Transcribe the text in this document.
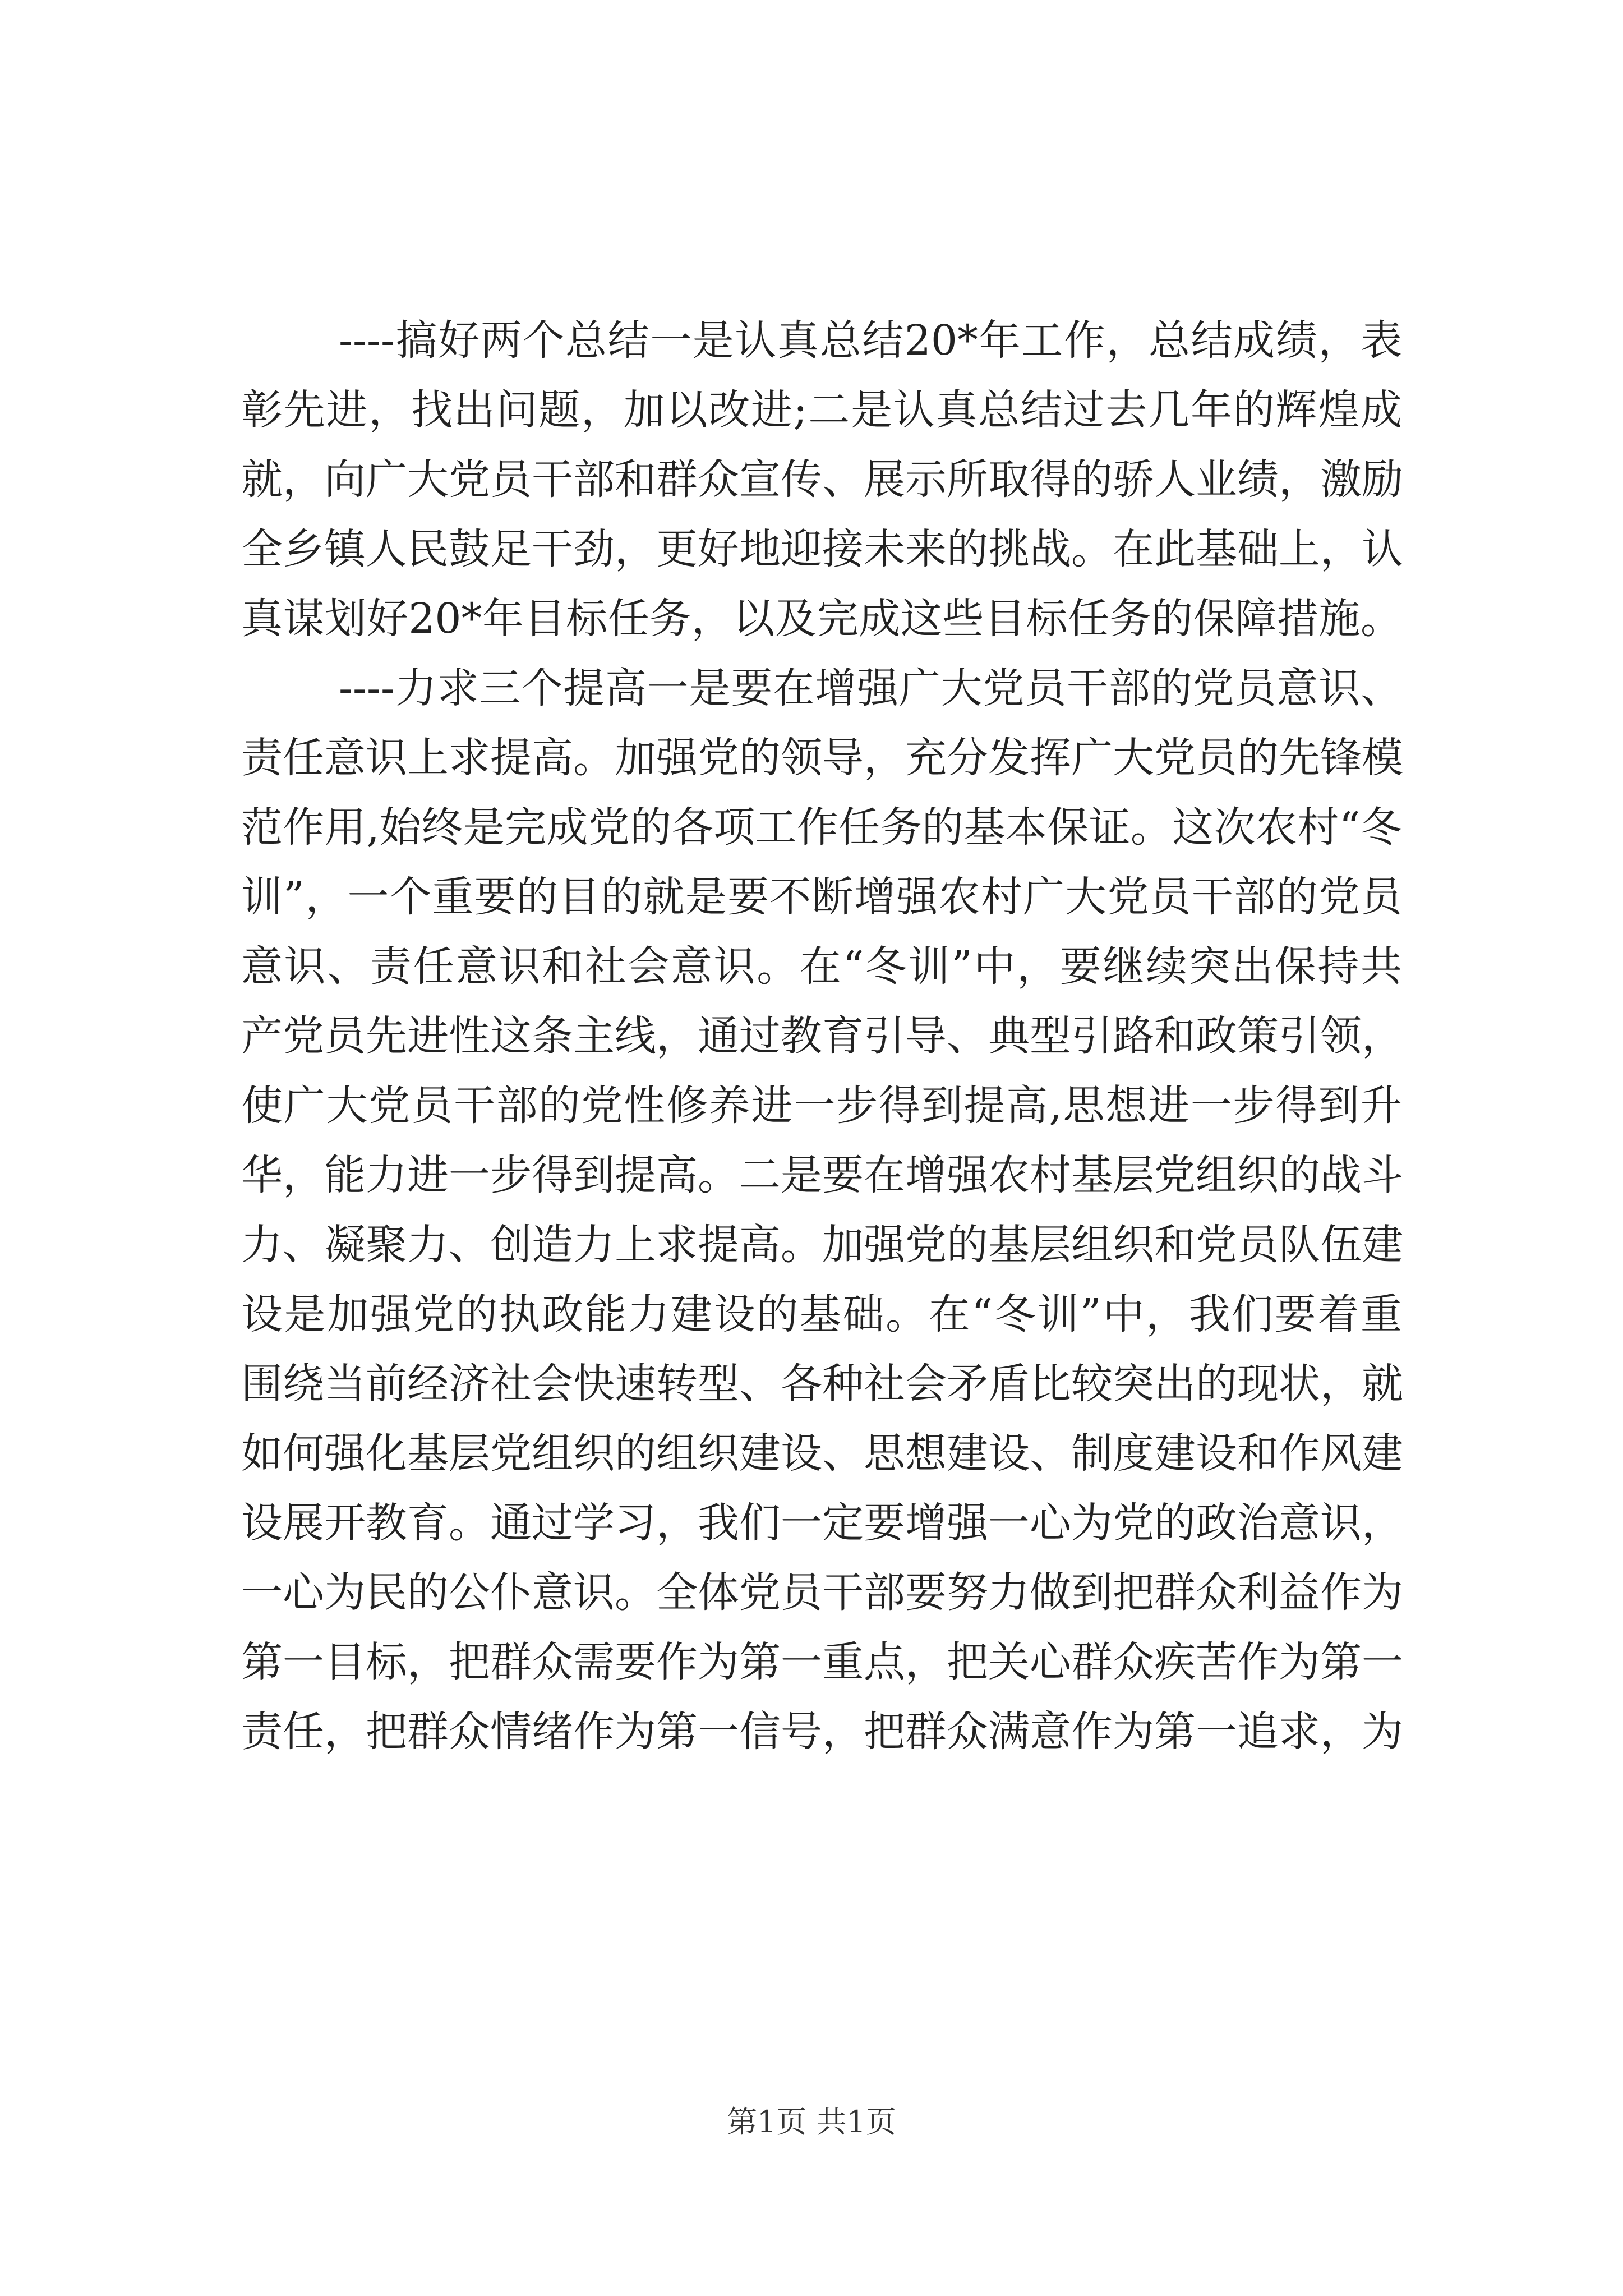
----搞好两个总结一是认真总结20*年工作，总结成绩，表
彰先进，找出问题，加以改进;二是认真总结过去几年的辉煌成
就，向广大党员干部和群众宣传、展示所取得的骄人业绩，激励
全乡镇人民鼓足干劲，更好地迎接未来的挑战。在此基础上，认
真谋划好20*年目标任务，以及完成这些目标任务的保障措施。
----力求三个提高一是要在增强广大党员干部的党员意识、
责任意识上求提高。加强党的领导，充分发挥广大党员的先锋模
范作用,始终是完成党的各项工作任务的基本保证。这次农村“冬
训”，一个重要的目的就是要不断增强农村广大党员干部的党员
意识、责任意识和社会意识。在“冬训”中，要继续突出保持共
产党员先进性这条主线，通过教育引导、典型引路和政策引领，
使广大党员干部的党性修养进一步得到提高,思想进一步得到升
华，能力进一步得到提高。二是要在增强农村基层党组织的战斗
力、凝聚力、创造力上求提高。加强党的基层组织和党员队伍建
设是加强党的执政能力建设的基础。在“冬训”中，我们要着重
围绕当前经济社会快速转型、各种社会矛盾比较突出的现状，就
如何强化基层党组织的组织建设、思想建设、制度建设和作风建
设展开教育。通过学习，我们一定要增强一心为党的政治意识，
一心为民的公仆意识。全体党员干部要努力做到把群众利益作为
第一目标，把群众需要作为第一重点，把关心群众疾苦作为第一
责任，把群众情绪作为第一信号，把群众满意作为第一追求，为
第1页 共1页
